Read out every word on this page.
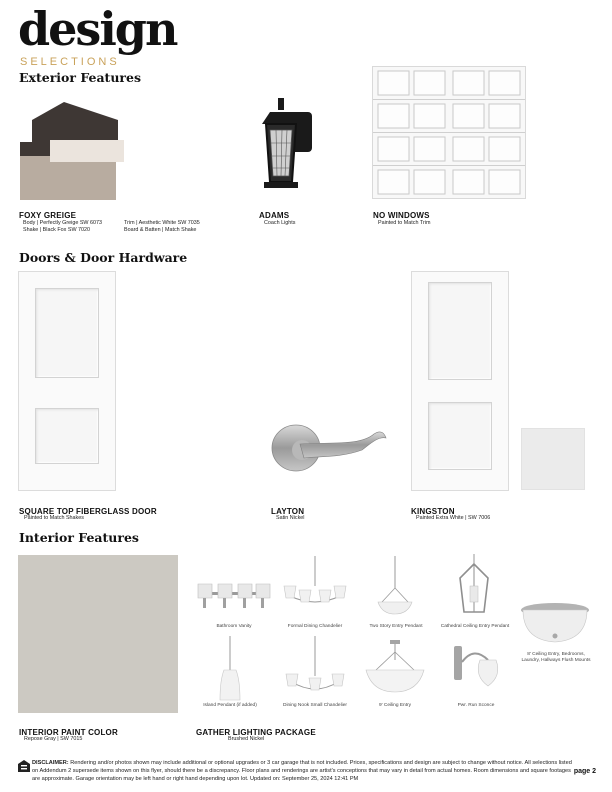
design
SELECTIONS
Exterior Features
FOXY GREIGE
Body | Perfectly Greige SW 6073
Shake | Black Fox SW 7020
Trim | Aesthetic White SW 7035
Board & Batten | Match Shake
ADAMS
Coach Lights
NO WINDOWS
Painted to Match Trim
Doors & Door Hardware
SQUARE TOP FIBERGLASS DOOR
Painted to Match Shakes
LAYTON
Satin Nickel
KINGSTON
Painted Extra White | SW 7006
Interior Features
INTERIOR PAINT COLOR
Repose Gray | SW 7015
Bathroom Vanity	Formal Dining Chandelier	Two Story Entry Pendant	Cathedral Ceiling Entry Pendant
Island Pendant (if added)	Dining Nook Small Chandelier	9' Ceiling Entry	Pwr. Run Sconce
8' Ceiling Entry, Bedrooms, Laundry, Hallways Flush Mounts
GATHER LIGHTING PACKAGE
Brushed Nickel
DISCLAIMER: Rendering and/or photos shown may include additional or optional upgrades or 3 car garage that is not included. Prices, specifications and design are subject to change without notice. All selections listed on Addendum 2 supersede items shown on this flyer, should there be a discrepancy. Floor plans and renderings are artist's conceptions that may vary in detail from actual homes. Room dimensions and square footages are approximate. Garage orientation may be left hand or right hand depending upon lot. Updated on: September 25, 2024 12:41 PM
page 2
